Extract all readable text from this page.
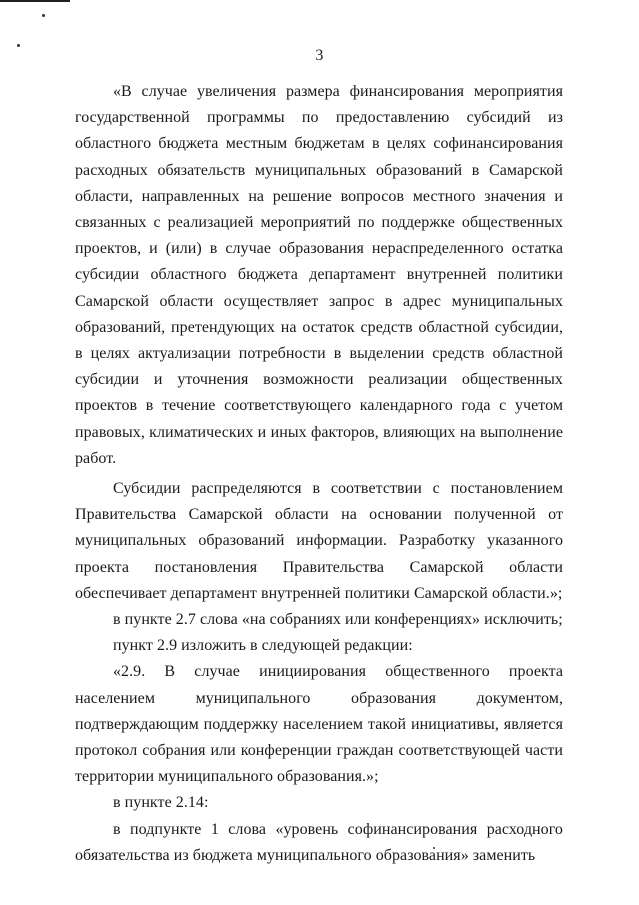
3

«В случае увеличения размера финансирования мероприятия государственной программы по предоставлению субсидий из областного бюджета местным бюджетам в целях софинансирования расходных обязательств муниципальных образований в Самарской области, направленных на решение вопросов местного значения и связанных с реализацией мероприятий по поддержке общественных проектов, и (или) в случае образования нераспределенного остатка субсидии областного бюджета департамент внутренней политики Самарской области осуществляет запрос в адрес муниципальных образований, претендующих на остаток средств областной субсидии, в целях актуализации потребности в выделении средств областной субсидии и уточнения возможности реализации общественных проектов в течение соответствующего календарного года с учетом правовых, климатических и иных факторов, влияющих на выполнение работ.

Субсидии распределяются в соответствии с постановлением Правительства Самарской области на основании полученной от муниципальных образований информации. Разработку указанного проекта постановления Правительства Самарской области обеспечивает департамент внутренней политики Самарской области.»;

в пункте 2.7 слова «на собраниях или конференциях» исключить;

пункт 2.9 изложить в следующей редакции:

«2.9. В случае инициирования общественного проекта населением муниципального образования документом, подтверждающим поддержку населением такой инициативы, является протокол собрания или конференции граждан соответствующей части территории муниципального образования.»;

в пункте 2.14:

в подпункте 1 слова «уровень софинансирования расходного обязательства из бюджета муниципального образования» заменить
